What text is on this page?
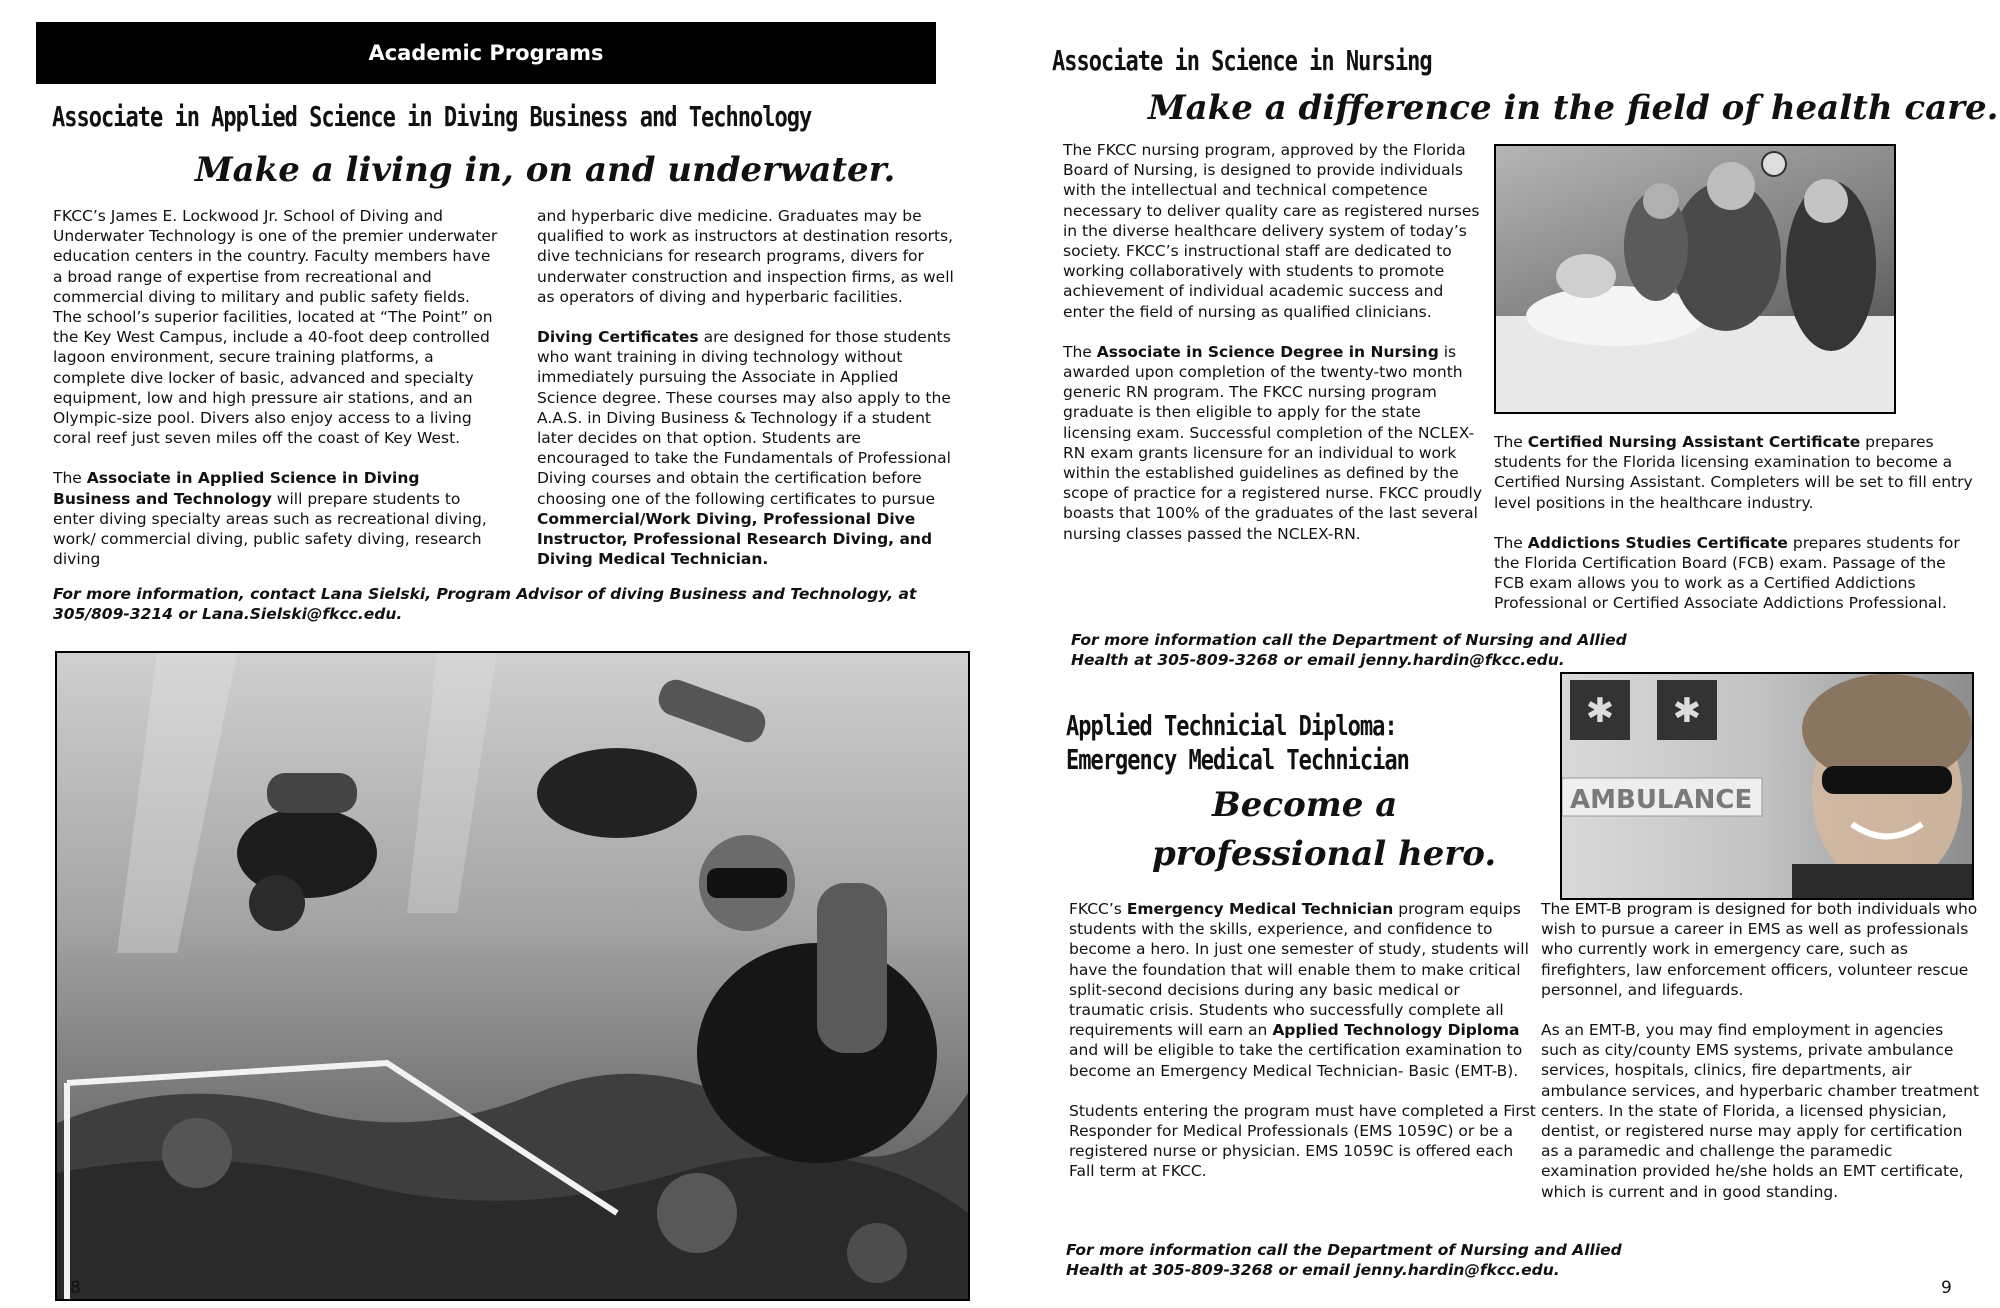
Academic Programs
Associate in Applied Science in Diving Business and Technology
Make a living in, on and underwater.

FKCC’s James E. Lockwood Jr. School of Diving and Underwater Technology is one of the premier underwater education centers in the country. Faculty members have a broad range of expertise from recreational and commercial diving to military and public safety fields. The school’s superior facilities, located at “The Point” on the Key West Campus, include a 40-foot deep controlled lagoon environment, secure training platforms, a complete dive locker of basic, advanced and specialty equipment, low and high pressure air stations, and an Olympic-size pool. Divers also enjoy access to a living coral reef just seven miles off the coast of Key West.

The Associate in Applied Science in Diving Business and Technology will prepare students to enter diving specialty areas such as recreational diving, work/ commercial diving, public safety diving, research diving

and hyperbaric dive medicine. Graduates may be qualified to work as instructors at destination resorts, dive technicians for research programs, divers for underwater construction and inspection firms, as well as operators of diving and hyperbaric facilities.

Diving Certificates are designed for those students who want training in diving technology without immediately pursuing the Associate in Applied Science degree. These courses may also apply to the A.A.S. in Diving Business & Technology if a student later decides on that option. Students are encouraged to take the Fundamentals of Professional Diving courses and obtain the certification before choosing one of the following certificates to pursue Commercial/Work Diving, Professional Dive Instructor, Professional Research Diving, and Diving Medical Technician.

For more information, contact Lana Sielski, Program Advisor of diving Business and Technology, at 305/809-3214 or Lana.Sielski@fkcc.edu.
8
Associate in Science in Nursing
Make a difference in the field of health care.

The FKCC nursing program, approved by the Florida Board of Nursing, is designed to provide individuals with the intellectual and technical competence necessary to deliver quality care as registered nurses in the diverse healthcare delivery system of today’s society. FKCC’s instructional staff are dedicated to working collaboratively with students to promote achievement of individual academic success and enter the field of nursing as qualified clinicians.

The Associate in Science Degree in Nursing is awarded upon completion of the twenty-two month generic RN program. The FKCC nursing program graduate is then eligible to apply for the state licensing exam. Successful completion of the NCLEX-RN exam grants licensure for an individual to work within the established guidelines as defined by the scope of practice for a registered nurse. FKCC proudly boasts that 100% of the graduates of the last several nursing classes passed the NCLEX-RN.

The Certified Nursing Assistant Certificate prepares students for the Florida licensing examination to become a Certified Nursing Assistant. Completers will be set to fill entry level positions in the healthcare industry.

The Addictions Studies Certificate prepares students for the Florida Certification Board (FCB) exam. Passage of the FCB exam allows you to work as a Certified Addictions Professional or Certified Associate Addictions Professional.

For more information call the Department of Nursing and Allied Health at 305-809-3268 or email jenny.hardin@fkcc.edu.
Applied Technicial Diploma:
Emergency Medical Technician
Become a
professional hero.
✱ ✱
AMBULANCE

FKCC’s Emergency Medical Technician program equips students with the skills, experience, and confidence to become a hero. In just one semester of study, students will have the foundation that will enable them to make critical split-second decisions during any basic medical or traumatic crisis. Students who successfully complete all requirements will earn an Applied Technology Diploma and will be eligible to take the certification examination to become an Emergency Medical Technician- Basic (EMT-B).

Students entering the program must have completed a First Responder for Medical Professionals (EMS 1059C) or be a registered nurse or physician. EMS 1059C is offered each Fall term at FKCC.

The EMT-B program is designed for both individuals who wish to pursue a career in EMS as well as professionals who currently work in emergency care, such as firefighters, law enforcement officers, volunteer rescue personnel, and lifeguards.

As an EMT-B, you may find employment in agencies such as city/county EMS systems, private ambulance services, hospitals, clinics, fire departments, air ambulance services, and hyperbaric chamber treatment centers. In the state of Florida, a licensed physician, dentist, or registered nurse may apply for certification as a paramedic and challenge the paramedic examination provided he/she holds an EMT certificate, which is current and in good standing.

For more information call the Department of Nursing and Allied Health at 305-809-3268 or email jenny.hardin@fkcc.edu.
9
